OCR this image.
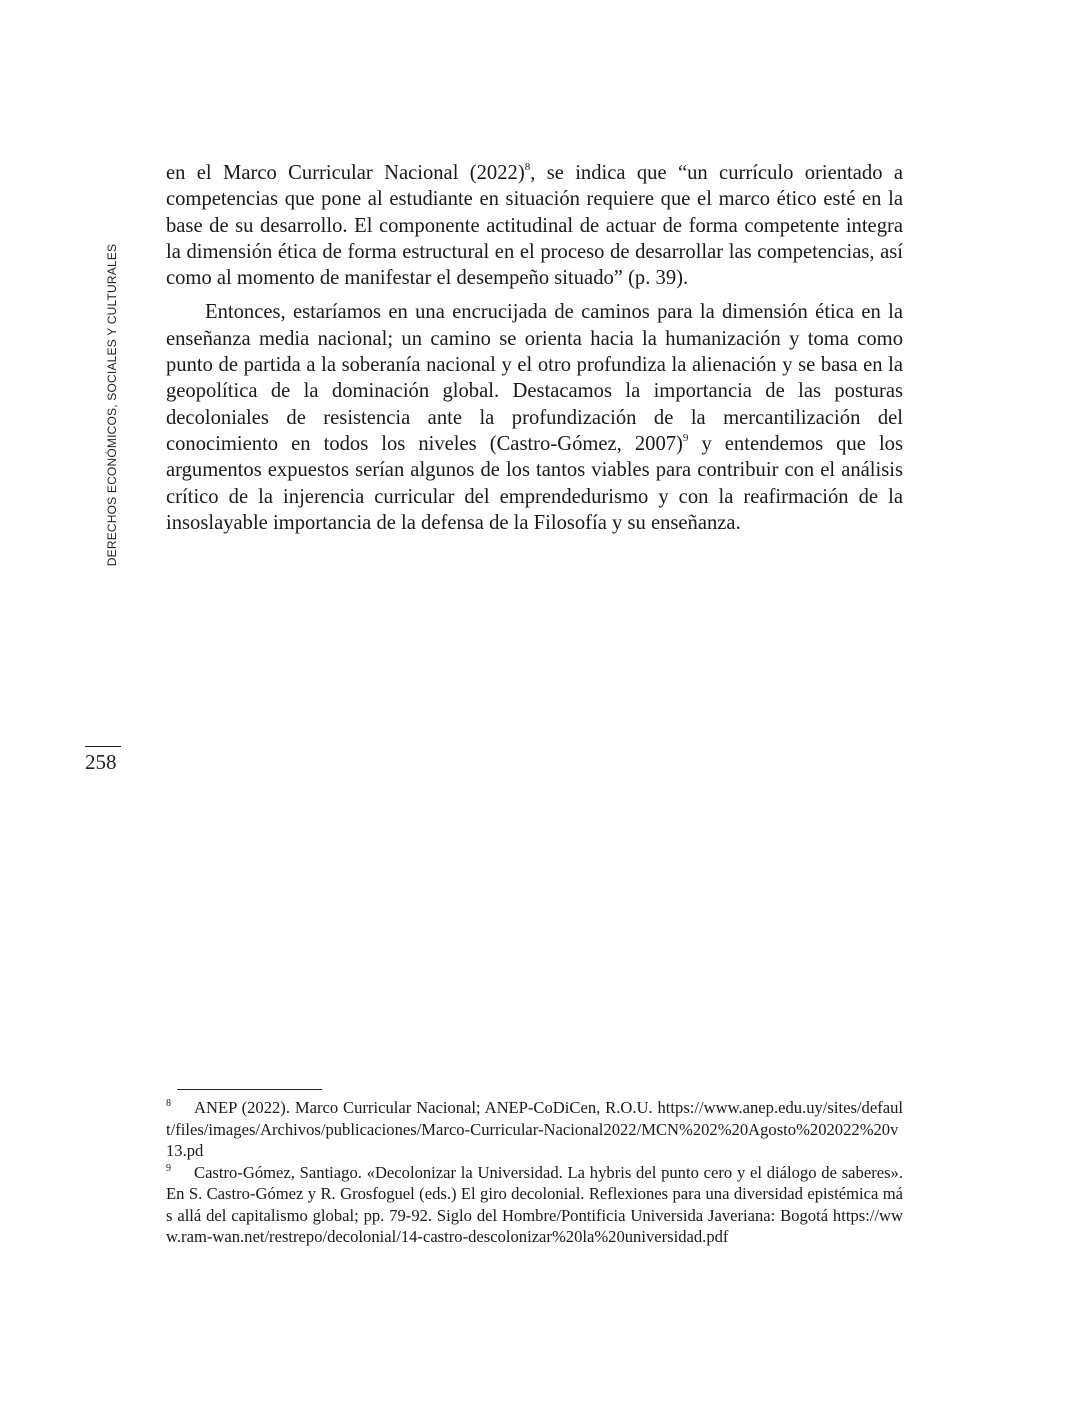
DERECHOS ECONÓMICOS, SOCIALES Y CULTURALES
258

en el Marco Curricular Nacional $(2022)^8$, se indica que “un currículo orientado a competencias que pone al estudiante en situación requiere que el marco ético esté en la base de su desarrollo. El componente actitudinal de actuar de forma competente integra la dimensión ética de forma estructural en el proceso de desarrollar las competencias, así como al momento de manifestar el desempeño situado” (p. 39).

Entonces, estaríamos en una encrucijada de caminos para la dimensión ética en la enseñanza media nacional; un camino se orienta hacia la humanización y toma como punto de partida a la soberanía nacional y el otro profundiza la alienación y se basa en la geopolítica de la dominación global. Destacamos la importancia de las posturas decoloniales de resistencia ante la profundización de la mercantilización del conocimiento en todos los niveles (Castro-Gómez, 2007)$^9$ y entendemos que los argumentos expuestos serían algunos de los tantos viables para contribuir con el análisis crítico de la injerencia curricular del emprendedurismo y con la reafirmación de la insoslayable importancia de la defensa de la Filosofía y su enseñanza.

8 ANEP (2022). Marco Curricular Nacional; ANEP-CoDiCen, R.O.U. https://www.anep.edu.uy/sites/default/files/images/Archivos/publicaciones/Marco-Curricular-Nacional2022/MCN%202%20Agosto%202022%20v13.pd

9 Castro-Gómez, Santiago. «Decolonizar la Universidad. La hybris del punto cero y el diálogo de saberes». En S. Castro-Gómez y R. Grosfoguel (eds.) El giro decolonial. Reflexiones para una diversidad epistémica más allá del capitalismo global; pp. 79-92. Siglo del Hombre/Pontificia Universida Javeriana: Bogotá https://www.ram-wan.net/restrepo/decolonial/14-castro-descolonizar%20la%20universidad.pdf
